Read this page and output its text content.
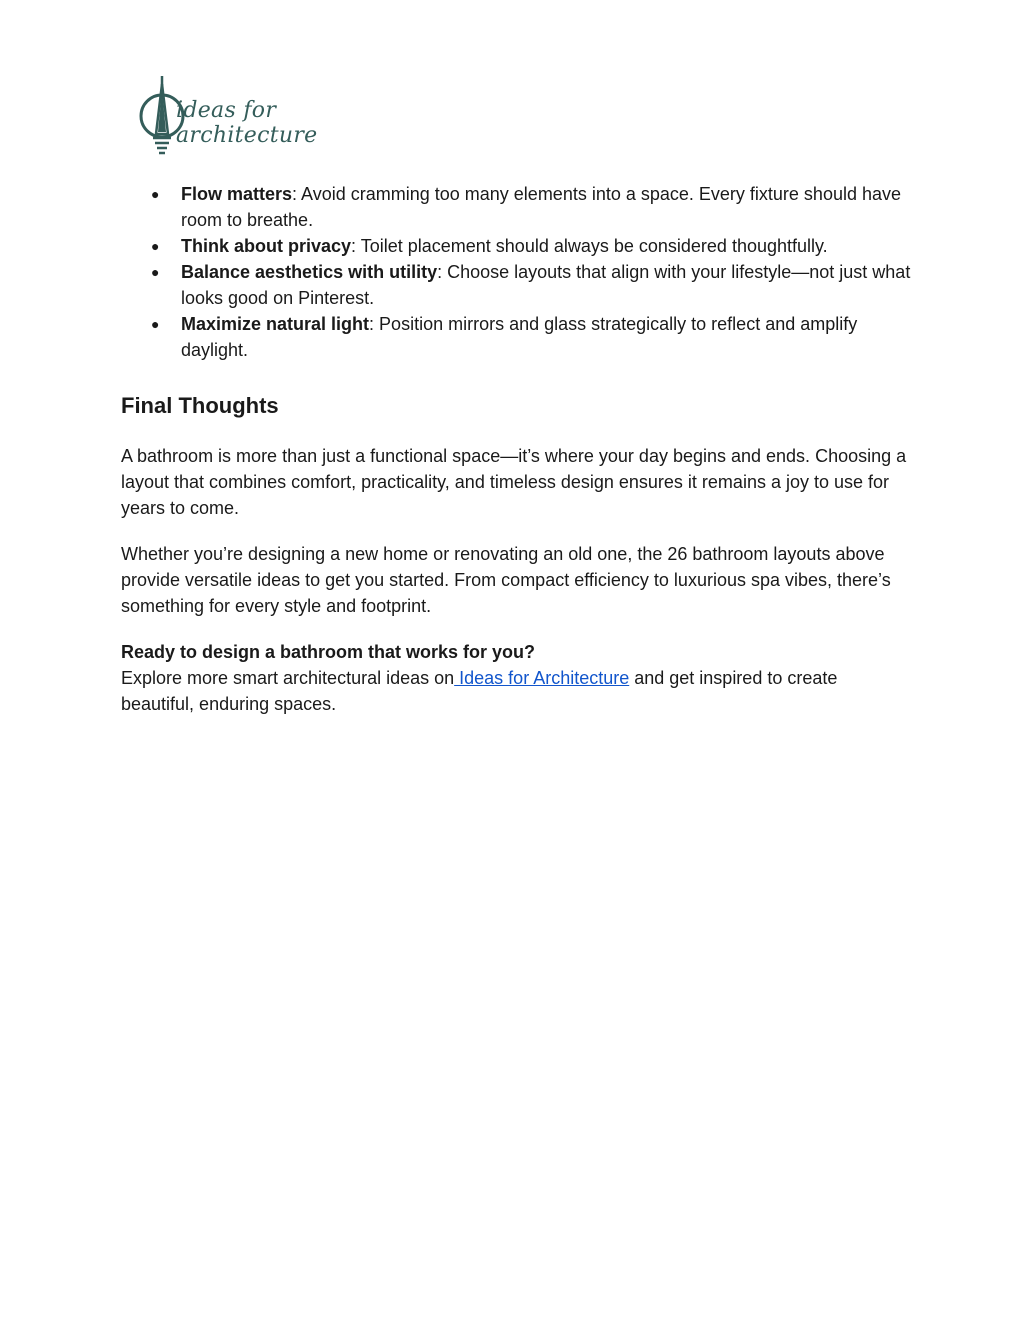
ideas for
architecture
● Flow matters: Avoid cramming too many elements into a space. Every fixture should have room to breathe.
● Think about privacy: Toilet placement should always be considered thoughtfully.
● Balance aesthetics with utility: Choose layouts that align with your lifestyle—not just what looks good on Pinterest.
● Maximize natural light: Position mirrors and glass strategically to reflect and amplify daylight.
Final Thoughts

A bathroom is more than just a functional space—it’s where your day begins and ends. Choosing a layout that combines comfort, practicality, and timeless design ensures it remains a joy to use for years to come.

Whether you’re designing a new home or renovating an old one, the 26 bathroom layouts above provide versatile ideas to get you started. From compact efficiency to luxurious spa vibes, there’s something for every style and footprint.

Ready to design a bathroom that works for you?
Explore more smart architectural ideas on Ideas for Architecture and get inspired to create beautiful, enduring spaces.
